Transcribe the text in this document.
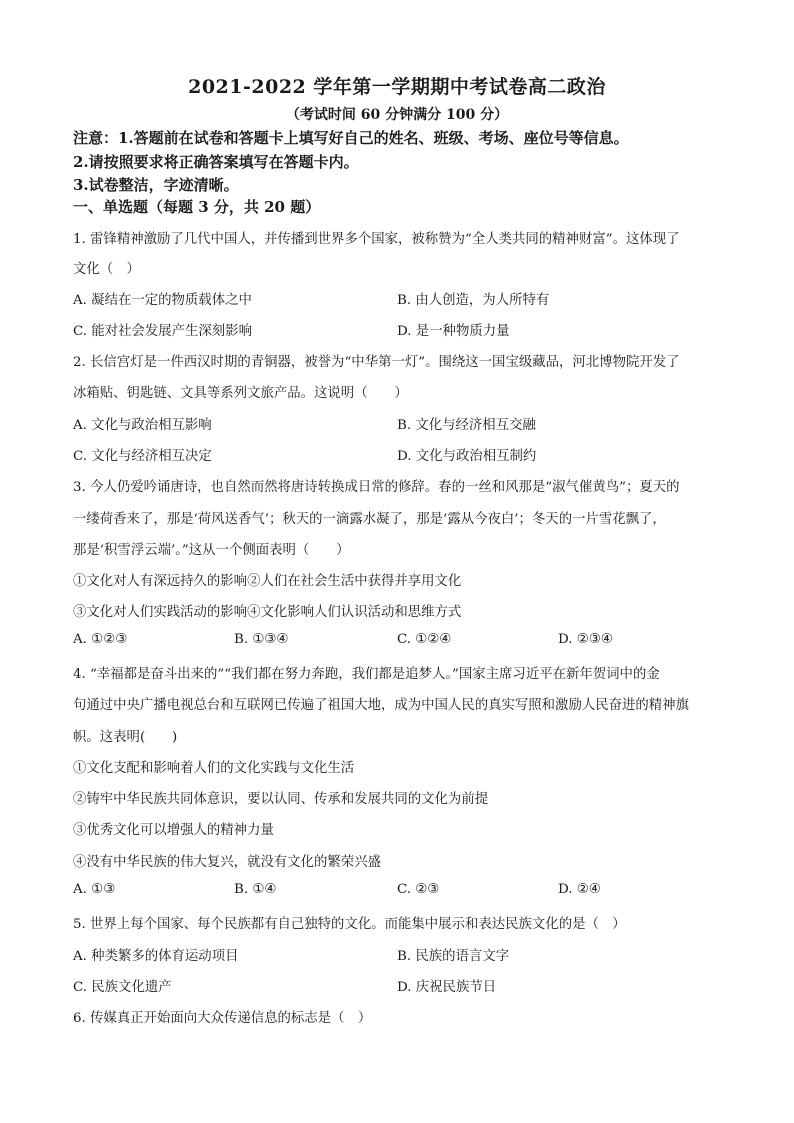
2021-2022 学年第一学期期中考试卷高二政治
（考试时间 60 分钟满分 100 分）
注意：1.答题前在试卷和答题卡上填写好自己的姓名、班级、考场、座位号等信息。
2.请按照要求将正确答案填写在答题卡内。
3.试卷整洁，字迹清晰。
一、单选题（每题 3 分，共 20 题）
1. 雷锋精神激励了几代中国人，并传播到世界多个国家，被称赞为“全人类共同的精神财富”。这体现了
文化（　）
A. 凝结在一定的物质载体之中	B. 由人创造，为人所特有
C. 能对社会发展产生深刻影响	D. 是一种物质力量
2. 长信宫灯是一件西汉时期的青铜器，被誉为“中华第一灯”。围绕这一国宝级藏品，河北博物院开发了
冰箱贴、钥匙链、文具等系列文旅产品。这说明（　　）
A. 文化与政治相互影响	B. 文化与经济相互交融
C. 文化与经济相互决定	D. 文化与政治相互制约
3. 今人仍爱吟诵唐诗，也自然而然将唐诗转换成日常的修辞。春的一丝和风那是“淑气催黄鸟”；夏天的
一缕荷香来了，那是‘荷风送香气’；秋天的一滴露水凝了，那是‘露从今夜白’；冬天的一片雪花飘了，
那是‘积雪浮云端’。”这从一个侧面表明（　　）
①文化对人有深远持久的影响②人们在社会生活中获得并享用文化
③文化对人们实践活动的影响④文化影响人们认识活动和思维方式
A. ①②③	B. ①③④	C. ①②④	D. ②③④
4. “幸福都是奋斗出来的”“我们都在努力奔跑，我们都是追梦人。”国家主席习近平在新年贺词中的金
句通过中央广播电视总台和互联网已传遍了祖国大地，成为中国人民的真实写照和激励人民奋进的精神旗
帜。这表明(　　)
①文化支配和影响着人们的文化实践与文化生活
②铸牢中华民族共同体意识，要以认同、传承和发展共同的文化为前提
③优秀文化可以增强人的精神力量
④没有中华民族的伟大复兴，就没有文化的繁荣兴盛
A. ①③	B. ①④	C. ②③	D. ②④
5. 世界上每个国家、每个民族都有自己独特的文化。而能集中展示和表达民族文化的是（　）
A. 种类繁多的体育运动项目	B. 民族的语言文字
C. 民族文化遗产	D. 庆祝民族节日
6. 传媒真正开始面向大众传递信息的标志是（　）
